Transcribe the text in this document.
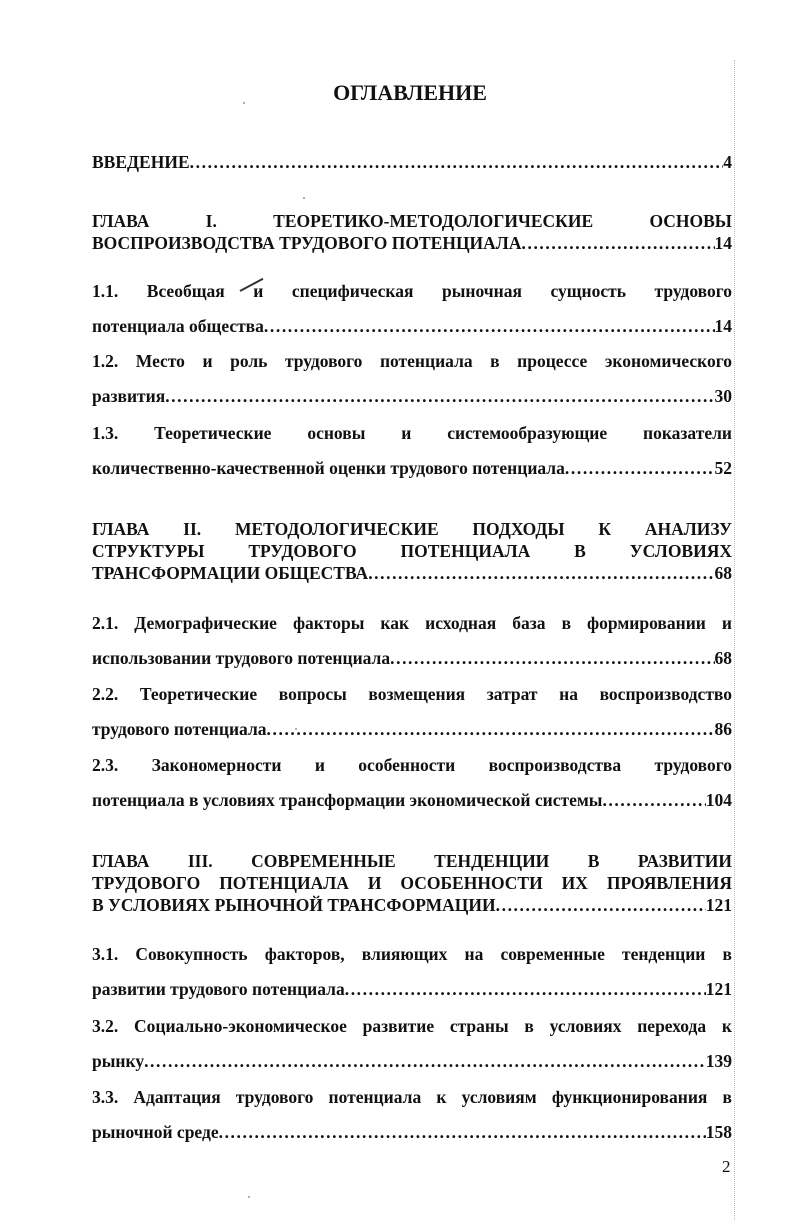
ОГЛАВЛЕНИЕ
ВВЕДЕНИЕ .....	4
ГЛАВА I. ТЕОРЕТИКО-МЕТОДОЛОГИЧЕСКИЕ ОСНОВЫ
ВОСПРОИЗВОДСТВА ТРУДОВОГО ПОТЕНЦИАЛА .....	14
1.1. Всеобщая и специфическая рыночная сущность трудового
потенциала общества .....	14
1.2. Место и роль трудового потенциала в процессе экономического
развития .....	30
1.3. Теоретические основы и системообразующие показатели
количественно-качественной оценки трудового потенциала .....	52
ГЛАВА II. МЕТОДОЛОГИЧЕСКИЕ ПОДХОДЫ К АНАЛИЗУ
СТРУКТУРЫ ТРУДОВОГО ПОТЕНЦИАЛА В УСЛОВИЯХ
ТРАНСФОРМАЦИИ ОБЩЕСТВА .....	68
2.1. Демографические факторы как исходная база в формировании и
использовании трудового потенциала .....	68
2.2. Теоретические вопросы возмещения затрат на воспроизводство
трудового потенциала .....	86
2.3. Закономерности и особенности воспроизводства трудового
потенциала в условиях трансформации экономической системы .....	104
ГЛАВА III. СОВРЕМЕННЫЕ ТЕНДЕНЦИИ В РАЗВИТИИ
ТРУДОВОГО ПОТЕНЦИАЛА И ОСОБЕННОСТИ ИХ ПРОЯВЛЕНИЯ
В УСЛОВИЯХ РЫНОЧНОЙ ТРАНСФОРМАЦИИ .....	121
3.1. Совокупность факторов, влияющих на современные тенденции в
развитии трудового потенциала .....	121
3.2. Социально-экономическое развитие страны в условиях перехода к
рынку .....	139
3.3. Адаптация трудового потенциала к условиям функционирования в
рыночной среде .....	158
2
